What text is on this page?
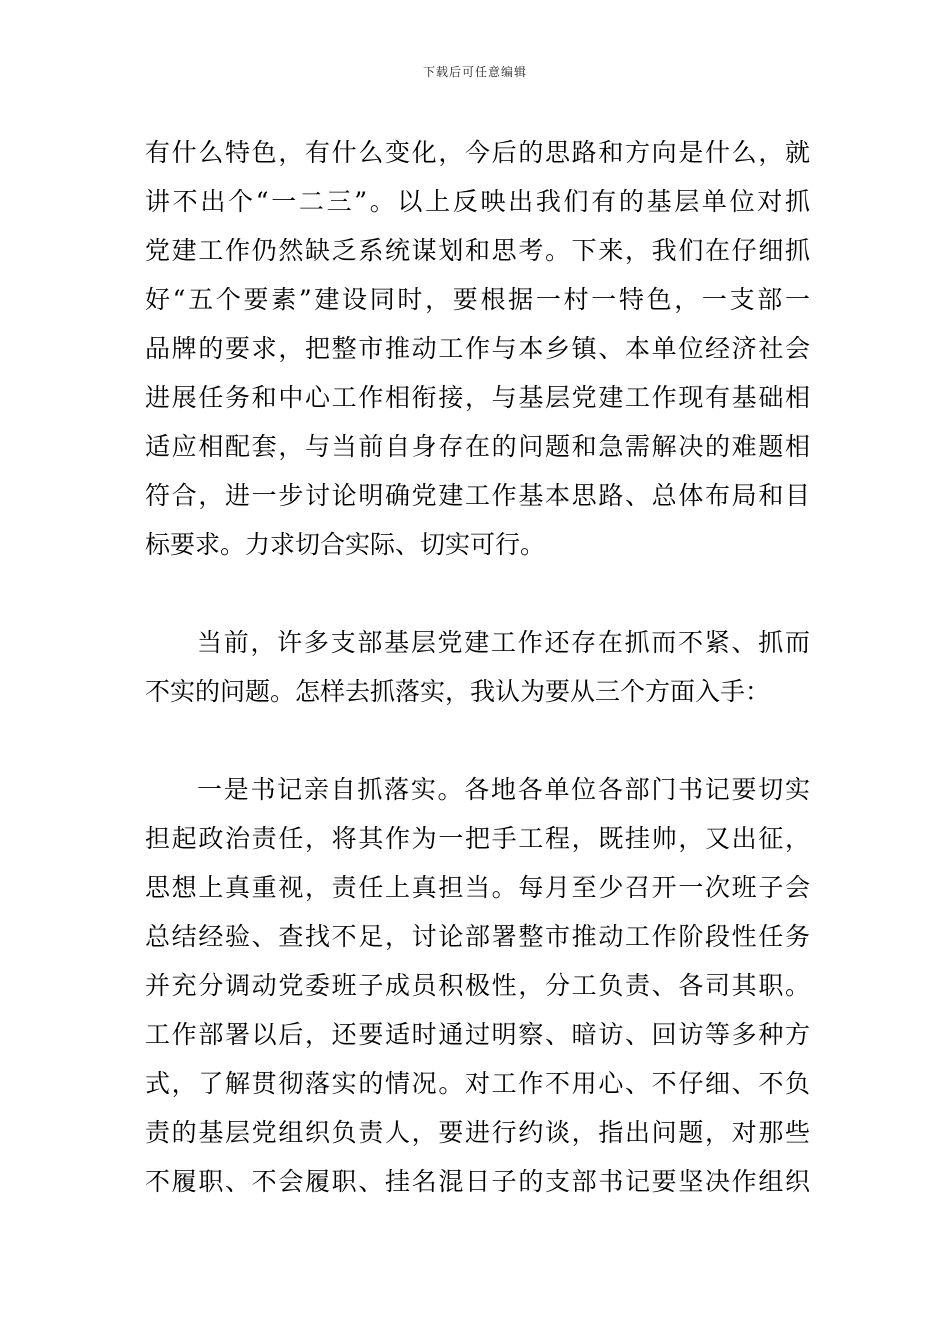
下载后可任意编辑
有什么特色，有什么变化，今后的思路和方向是什么，就
讲不出个“一二三”。以上反映出我们有的基层单位对抓
党建工作仍然缺乏系统谋划和思考。下来，我们在仔细抓
好“五个要素”建设同时，要根据一村一特色，一支部一
品牌的要求，把整市推动工作与本乡镇、本单位经济社会
进展任务和中心工作相衔接，与基层党建工作现有基础相
适应相配套，与当前自身存在的问题和急需解决的难题相
符合，进一步讨论明确党建工作基本思路、总体布局和目
标要求。力求切合实际、切实可行。
当前，许多支部基层党建工作还存在抓而不紧、抓而
不实的问题。怎样去抓落实，我认为要从三个方面入手：
一是书记亲自抓落实。各地各单位各部门书记要切实
担起政治责任，将其作为一把手工程，既挂帅，又出征，
思想上真重视，责任上真担当。每月至少召开一次班子会
总结经验、查找不足，讨论部署整市推动工作阶段性任务
并充分调动党委班子成员积极性，分工负责、各司其职。
工作部署以后，还要适时通过明察、暗访、回访等多种方
式，了解贯彻落实的情况。对工作不用心、不仔细、不负
责的基层党组织负责人，要进行约谈，指出问题，对那些
不履职、不会履职、挂名混日子的支部书记要坚决作组织
